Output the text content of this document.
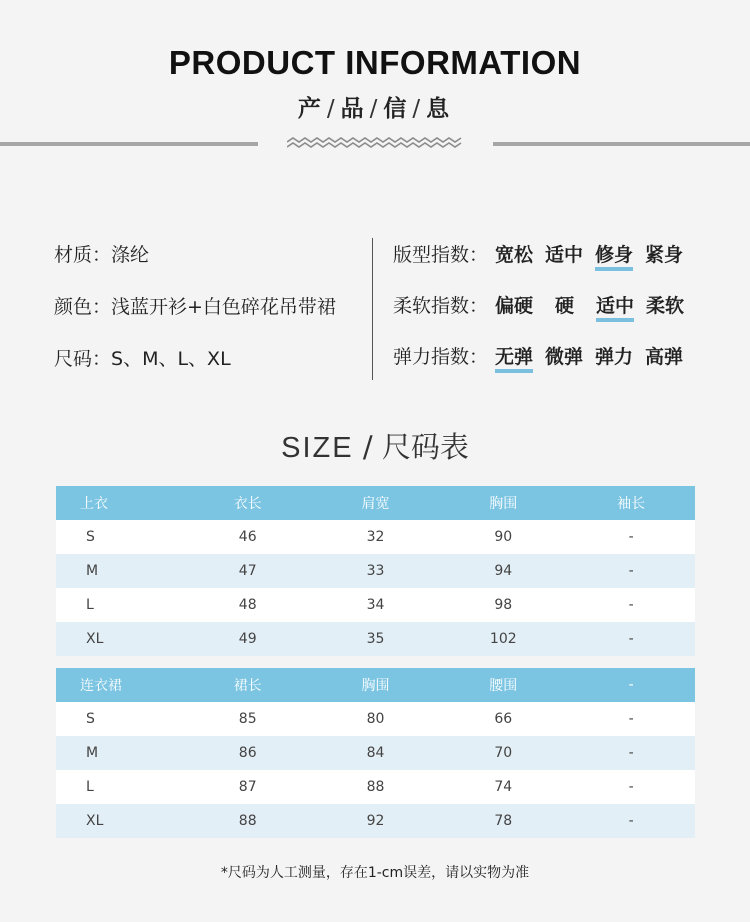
PRODUCT INFORMATION
产 / 品 / 信 / 息
材质：涤纶
颜色：浅蓝开衫+白色碎花吊带裙
尺码：S、M、L、XL
版型指数： 宽松 适中 修身 紧身
柔软指数： 偏硬 硬 适中 柔软
弹力指数： 无弹 微弹 弹力 高弹
SIZE / 尺码表
上衣	衣长	肩宽	胸围	袖长
S	46	32	90	-
M	47	33	94	-
L	48	34	98	-
XL	49	35	102	-
连衣裙	裙长	胸围	腰围	-
S	85	80	66	-
M	86	84	70	-
L	87	88	74	-
XL	88	92	78	-
*尺码为人工测量，存在1-cm误差，请以实物为准
